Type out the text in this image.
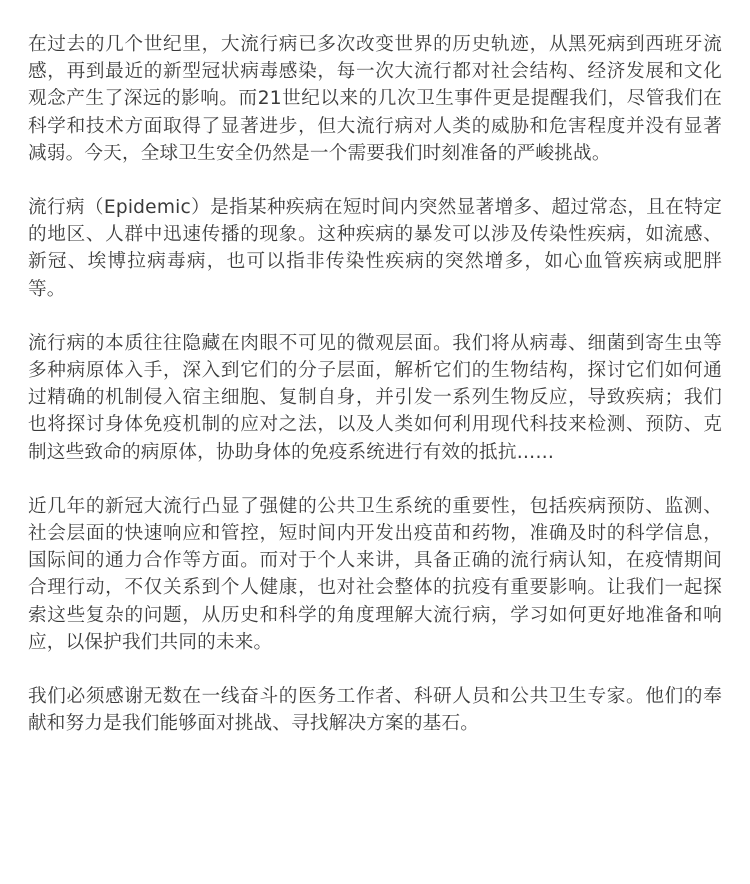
在过去的几个世纪里，大流行病已多次改变世界的历史轨迹，从黑死病到西班牙流感，再到最近的新型冠状病毒感染，每一次大流行都对社会结构、经济发展和文化观念产生了深远的影响。而21世纪以来的几次卫生事件更是提醒我们，尽管我们在科学和技术方面取得了显著进步，但大流行病对人类的威胁和危害程度并没有显著减弱。今天，全球卫生安全仍然是一个需要我们时刻准备的严峻挑战。

流行病（Epidemic）是指某种疾病在短时间内突然显著增多、超过常态，且在特定的地区、人群中迅速传播的现象。这种疾病的暴发可以涉及传染性疾病，如流感、新冠、埃博拉病毒病，也可以指非传染性疾病的突然增多，如心血管疾病或肥胖等。

流行病的本质往往隐藏在肉眼不可见的微观层面。我们将从病毒、细菌到寄生虫等多种病原体入手，深入到它们的分子层面，解析它们的生物结构，探讨它们如何通过精确的机制侵入宿主细胞、复制自身，并引发一系列生物反应，导致疾病；我们也将探讨身体免疫机制的应对之法，以及人类如何利用现代科技来检测、预防、克制这些致命的病原体，协助身体的免疫系统进行有效的抵抗……

近几年的新冠大流行凸显了强健的公共卫生系统的重要性，包括疾病预防、监测、社会层面的快速响应和管控，短时间内开发出疫苗和药物，准确及时的科学信息，国际间的通力合作等方面。而对于个人来讲，具备正确的流行病认知，在疫情期间合理行动，不仅关系到个人健康，也对社会整体的抗疫有重要影响。让我们一起探索这些复杂的问题，从历史和科学的角度理解大流行病，学习如何更好地准备和响应，以保护我们共同的未来。

我们必须感谢无数在一线奋斗的医务工作者、科研人员和公共卫生专家。他们的奉献和努力是我们能够面对挑战、寻找解决方案的基石。
